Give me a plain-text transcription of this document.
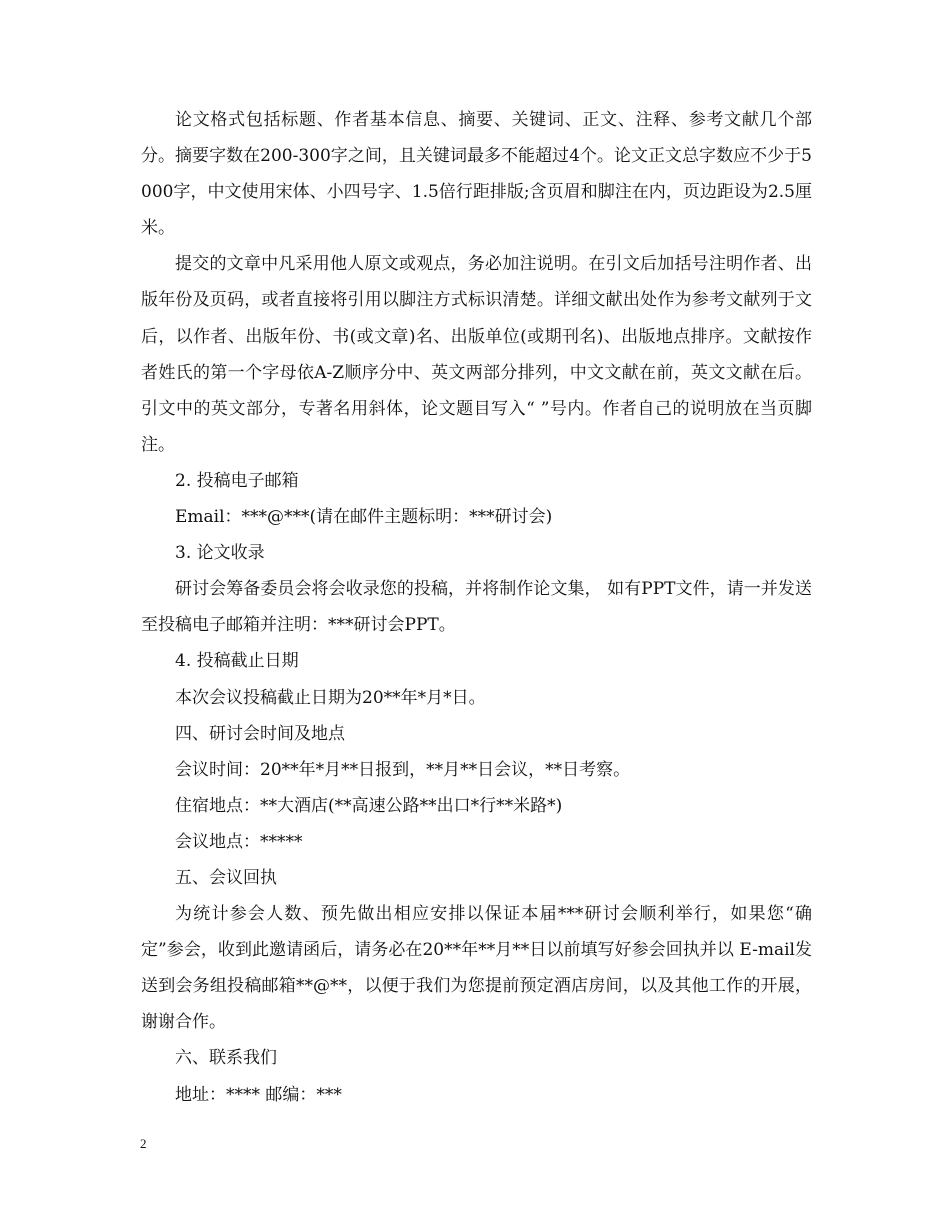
论文格式包括标题、作者基本信息、摘要、关键词、正文、注释、参考文献几个部分。摘要字数在200-300字之间，且关键词最多不能超过4个。论文正文总字数应不少于5000字，中文使用宋体、小四号字、1.5倍行距排版;含页眉和脚注在内，页边距设为2.5厘米。

提交的文章中凡采用他人原文或观点，务必加注说明。在引文后加括号注明作者、出版年份及页码，或者直接将引用以脚注方式标识清楚。详细文献出处作为参考文献列于文后，以作者、出版年份、书(或文章)名、出版单位(或期刊名)、出版地点排序。文献按作者姓氏的第一个字母依A-Z顺序分中、英文两部分排列，中文文献在前，英文文献在后。引文中的英文部分，专著名用斜体，论文题目写入“ ”号内。作者自己的说明放在当页脚注。

2. 投稿电子邮箱

Email：***@***(请在邮件主题标明：***研讨会)

3. 论文收录

研讨会筹备委员会将会收录您的投稿，并将制作论文集， 如有PPT文件，请一并发送至投稿电子邮箱并注明：***研讨会PPT。

4. 投稿截止日期

本次会议投稿截止日期为20**年*月*日。

四、研讨会时间及地点

会议时间：20**年*月**日报到，**月**日会议，**日考察。

住宿地点：**大酒店(**高速公路**出口*行**米路*)

会议地点：*****

五、会议回执

为统计参会人数、预先做出相应安排以保证本届***研讨会顺利举行，如果您“确定”参会，收到此邀请函后，请务必在20**年**月**日以前填写好参会回执并以 E-mail发送到会务组投稿邮箱**@**，以便于我们为您提前预定酒店房间，以及其他工作的开展，谢谢合作。

六、联系我们

地址：**** 邮编：***

2
